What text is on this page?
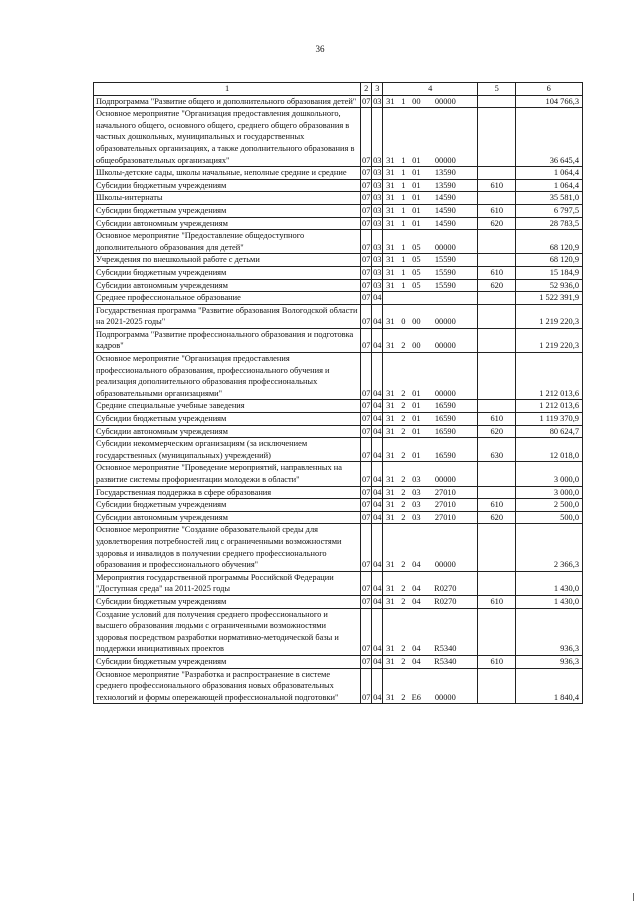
36
1	2	3	4	5	6
Подпрограмма "Развитие общего и дополнительного образования детей"	07	03	31 1 00 00000		104 766,3
Основное мероприятие "Организация предоставления дошкольного, начального общего, основного общего, среднего общего образования в частных дошкольных, муниципальных и государственных образовательных организациях, а также дополнительного образования в общеобразовательных организациях"	07	03	31 1 01 00000		36 645,4
Школы-детские сады, школы начальные, неполные средние и средние	07	03	31 1 01 13590		1 064,4
Субсидии бюджетным учреждениям	07	03	31 1 01 13590	610	1 064,4
Школы-интернаты	07	03	31 1 01 14590		35 581,0
Субсидии бюджетным учреждениям	07	03	31 1 01 14590	610	6 797,5
Субсидии автономным учреждениям	07	03	31 1 01 14590	620	28 783,5
Основное мероприятие "Предоставление общедоступного дополнительного образования для детей"	07	03	31 1 05 00000		68 120,9
Учреждения по внешкольной работе с детьми	07	03	31 1 05 15590		68 120,9
Субсидии бюджетным учреждениям	07	03	31 1 05 15590	610	15 184,9
Субсидии автономным учреждениям	07	03	31 1 05 15590	620	52 936,0
Среднее профессиональное образование	07	04			1 522 391,9
Государственная программа "Развитие образования Вологодской области на 2021-2025 годы"	07	04	31 0 00 00000		1 219 220,3
Подпрограмма "Развитие профессионального образования и подготовка кадров"	07	04	31 2 00 00000		1 219 220,3
Основное мероприятие "Организация предоставления профессионального образования, профессионального обучения и реализация дополнительного образования профессиональных образовательными организациями"	07	04	31 2 01 00000		1 212 013,6
Средние специальные учебные заведения	07	04	31 2 01 16590		1 212 013,6
Субсидии бюджетным учреждениям	07	04	31 2 01 16590	610	1 119 370,9
Субсидии автономным учреждениям	07	04	31 2 01 16590	620	80 624,7
Субсидии некоммерческим организациям (за исключением государственных (муниципальных) учреждений)	07	04	31 2 01 16590	630	12 018,0
Основное мероприятие "Проведение мероприятий, направленных на развитие системы профориентации молодежи в области"	07	04	31 2 03 00000		3 000,0
Государственная поддержка в сфере образования	07	04	31 2 03 27010		3 000,0
Субсидии бюджетным учреждениям	07	04	31 2 03 27010	610	2 500,0
Субсидии автономным учреждениям	07	04	31 2 03 27010	620	500,0
Основное мероприятие "Создание образовательной среды для удовлетворения потребностей лиц с ограниченными возможностями здоровья и инвалидов в получении среднего профессионального образования и профессионального обучения"	07	04	31 2 04 00000		2 366,3
Мероприятия государственной программы Российской Федерации "Доступная среда" на 2011-2025 годы	07	04	31 2 04 R0270		1 430,0
Субсидии бюджетным учреждениям	07	04	31 2 04 R0270	610	1 430,0
Создание условий для получения среднего профессионального и высшего образования людьми с ограниченными возможностями здоровья посредством разработки нормативно-методической базы и поддержки инициативных проектов	07	04	31 2 04 R5340		936,3
Субсидии бюджетным учреждениям	07	04	31 2 04 R5340	610	936,3
Основное мероприятие "Разработка и распространение в системе среднего профессионального образования новых образовательных технологий и формы опережающей профессиональной подготовки"	07	04	31 2 E6 00000		1 840,4
